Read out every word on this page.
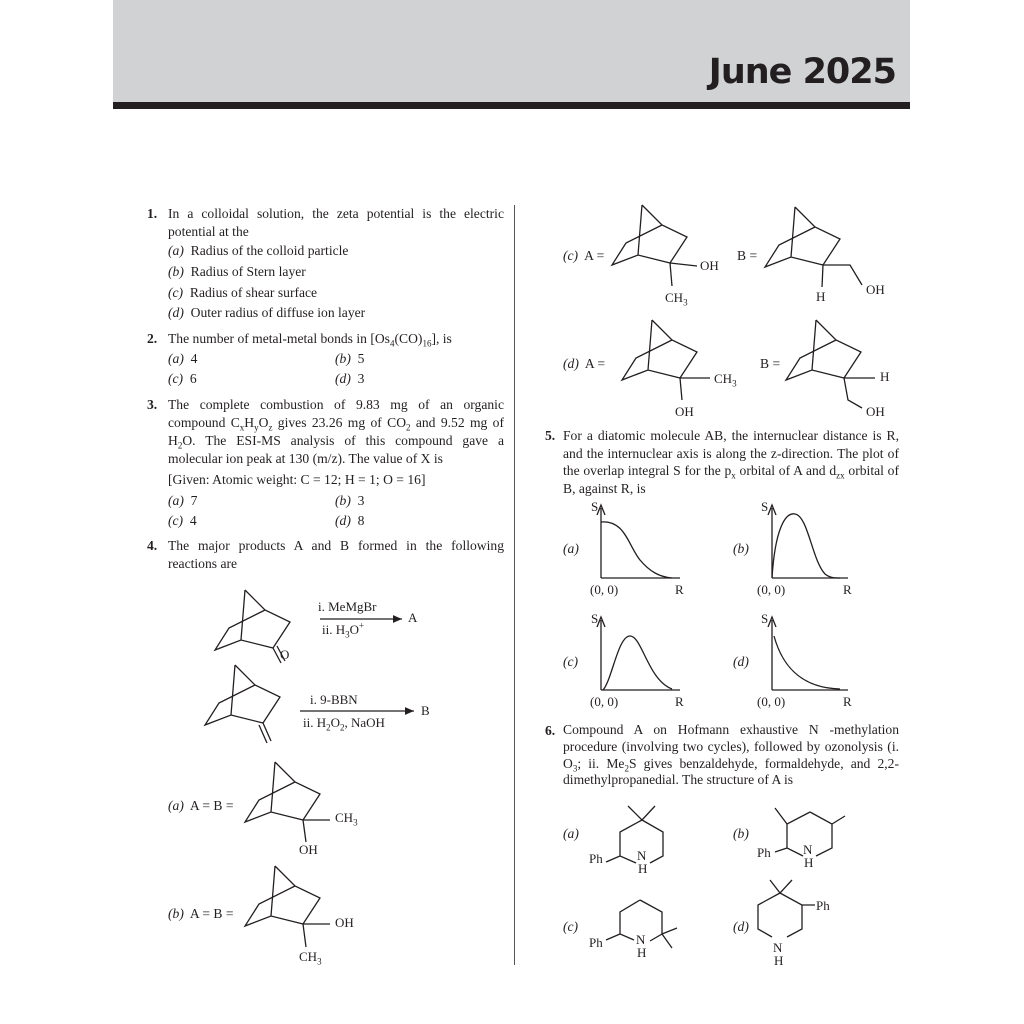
June 2025
1. In a colloidal solution, the zeta potential is the electric potential at the
(a) Radius of the colloid particle
(b) Radius of Stern layer
(c) Radius of shear surface
(d) Outer radius of diffuse ion layer
2. The number of metal-metal bonds in $[Os_4(CO)_{16}]$, is
(a) 4	(b) 5
(c) 6	(d) 3
3. The complete combustion of 9.83 mg of an organic compound $C_xH_yO_z$ gives 23.26 mg of $CO_2$ and 9.52 mg of $H_2O$. The ESI-MS analysis of this compound gave a molecular ion peak at 130 (m/z). The value of X is
[Given: Atomic weight: C = 12; H = 1; O = 16]
(a) 7	(b) 3
(c) 4	(d) 8
4. The major products A and B formed in the following reactions are
i. MeMgBr
ii. $H_3O^+$
A
O
i. 9-BBN
ii. $H_2O_2$, NaOH
B
(a) A = B =
$CH_3$
OH
(b) A = B =
OH
$CH_3$
(c) A =
OH
$CH_3$
B =
H	OH
(d) A =
$CH_3$
OH
B =
H
OH
5. For a diatomic molecule AB, the internuclear distance is R, and the internuclear axis is along the z-direction. The plot of the overlap integral S for the $p_x$ orbital of A and $d_{zx}$ orbital of B, against R, is
(a)	(b)
(c)	(d)
S
(0, 0)	R
S
(0, 0)	R
S
(0, 0)	R
S
(0, 0)	R
6. Compound A on Hofmann exhaustive N -methylation procedure (involving two cycles), followed by ozonolysis (i. $O_3$; ii. $Me_2S$ gives benzaldehyde, formaldehyde, and 2,2-dimethylpropanedial. The structure of A is
(a)
Ph	N
H
(b)
Ph N
H
(c)
Ph	N
H
(d)
Ph
N
H
